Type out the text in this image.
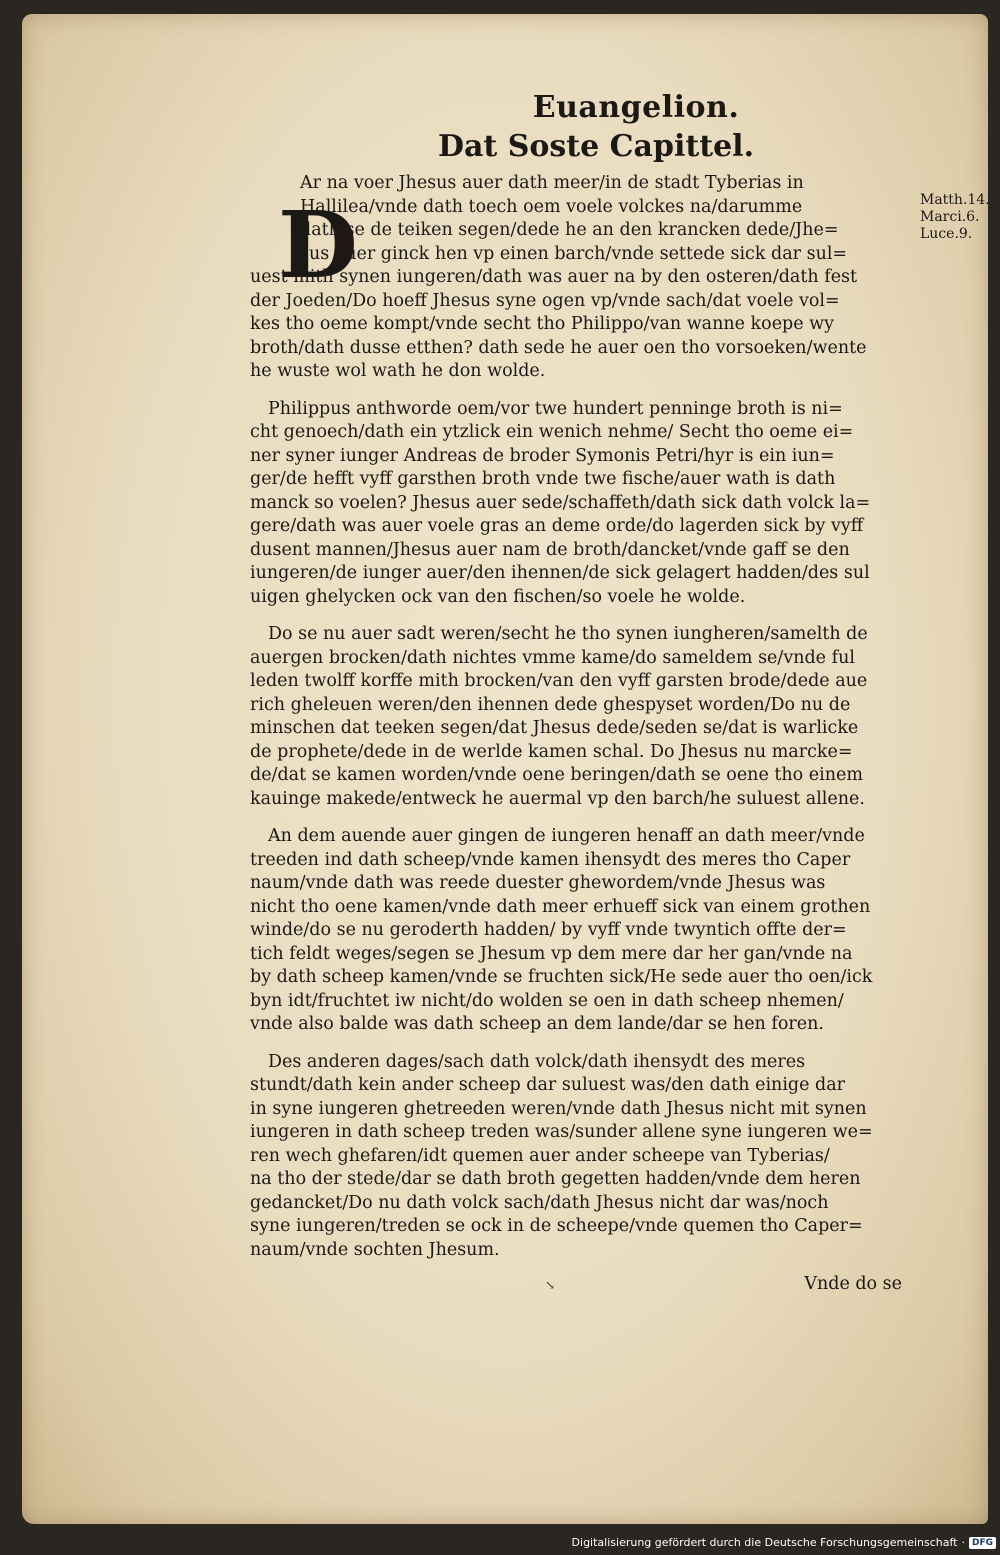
D	Matth.14.
Marci.6.
Luce.9.
Euangelion.
Dat Soste Capittel.
Ar na voer Jhesus auer dath meer/in de stadt Tyberias in
Hallilea/vnde dath toech oem voele volckes na/darumme
dath se de teiken segen/dede he an den krancken dede/Jhe=
sus auer ginck hen vp einen barch/vnde settede sick dar sul=
uest mith synen iungeren/dath was auer na by den osteren/dath fest
der Joeden/Do hoeff Jhesus syne ogen vp/vnde sach/dat voele vol=
kes tho oeme kompt/vnde secht tho Philippo/van wanne koepe wy
broth/dath dusse etthen? dath sede he auer oen tho vorsoeken/wente
he wuste wol wath he don wolde.
Philippus anthworde oem/vor twe hundert penninge broth is ni=
cht genoech/dath ein ytzlick ein wenich nehme/ Secht tho oeme ei=
ner syner iunger Andreas de broder Symonis Petri/hyr is ein iun=
ger/de hefft vyff garsthen broth vnde twe fische/auer wath is dath
manck so voelen? Jhesus auer sede/schaffeth/dath sick dath volck la=
gere/dath was auer voele gras an deme orde/do lagerden sick by vyff
dusent mannen/Jhesus auer nam de broth/dancket/vnde gaff se den
iungeren/de iunger auer/den ihennen/de sick gelagert hadden/des sul
uigen ghelycken ock van den fischen/so voele he wolde.
Do se nu auer sadt weren/secht he tho synen iungheren/samelth de
auergen brocken/dath nichtes vmme kame/do sameldem se/vnde ful
leden twolff korffe mith brocken/van den vyff garsten brode/dede aue
rich gheleuen weren/den ihennen dede ghespyset worden/Do nu de
minschen dat teeken segen/dat Jhesus dede/seden se/dat is warlicke
de prophete/dede in de werlde kamen schal. Do Jhesus nu marcke=
de/dat se kamen worden/vnde oene beringen/dath se oene tho einem
kauinge makede/entweck he auermal vp den barch/he suluest allene.
An dem auende auer gingen de iungeren henaff an dath meer/vnde
treeden ind dath scheep/vnde kamen ihensydt des meres tho Caper
naum/vnde dath was reede duester ghewordem/vnde Jhesus was
nicht tho oene kamen/vnde dath meer erhueff sick van einem grothen
winde/do se nu geroderth hadden/ by vyff vnde twyntich offte der=
tich feldt weges/segen se Jhesum vp dem mere dar her gan/vnde na
by dath scheep kamen/vnde se fruchten sick/He sede auer tho oen/ick
byn idt/fruchtet iw nicht/do wolden se oen in dath scheep nhemen/
vnde also balde was dath scheep an dem lande/dar se hen foren.
Des anderen dages/sach dath volck/dath ihensydt des meres
stundt/dath kein ander scheep dar suluest was/den dath einige dar
in syne iungeren ghetreeden weren/vnde dath Jhesus nicht mit synen
iungeren in dath scheep treden was/sunder allene syne iungeren we=
ren wech ghefaren/idt quemen auer ander scheepe van Tyberias/
na tho der stede/dar se dath broth gegetten hadden/vnde dem heren
gedancket/Do nu dath volck sach/dath Jhesus nicht dar was/noch
syne iungeren/treden se ock in de scheepe/vnde quemen tho Caper=
naum/vnde sochten Jhesum.
Vnde do se
↘
Digitalisierung gefördert durch die Deutsche Forschungsgemeinschaft · DFG
